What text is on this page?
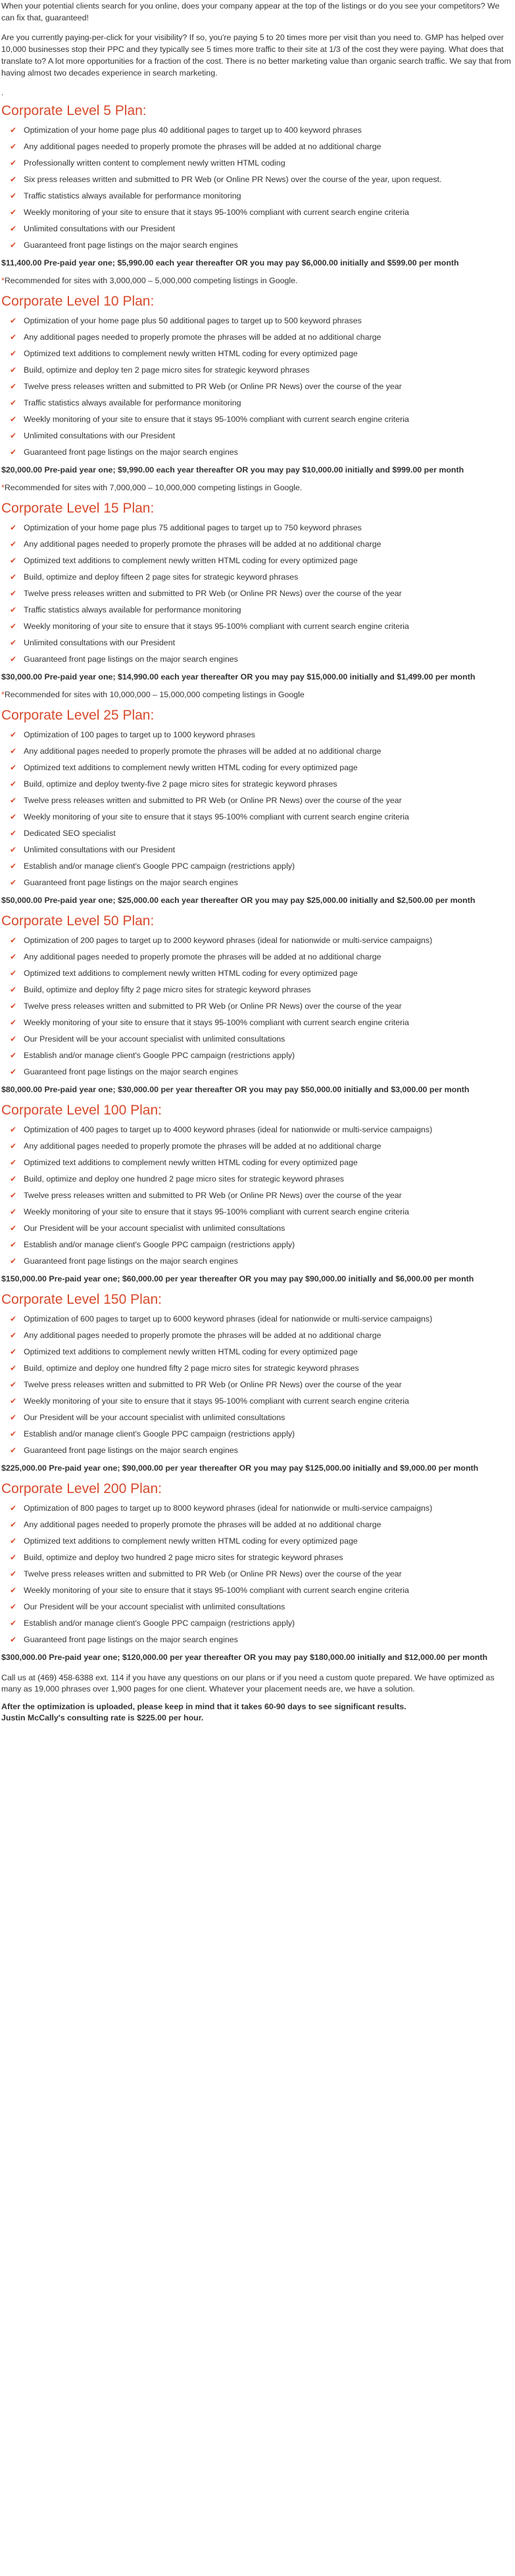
When your potential clients search for you online, does your company appear at the top of the listings or do you see your competitors? We can fix that, guaranteed!

Are you currently paying-per-click for your visibility? If so, you're paying 5 to 20 times more per visit than you need to. GMP has helped over 10,000 businesses stop their PPC and they typically see 5 times more traffic to their site at 1/3 of the cost they were paying. What does that translate to? A lot more opportunities for a fraction of the cost. There is no better marketing value than organic search traffic. We say that from having almost two decades experience in search marketing.

.
Corporate Level 5 Plan:
✔ Optimization of your home page plus 40 additional pages to target up to 400 keyword phrases
✔ Any additional pages needed to properly promote the phrases will be added at no additional charge
✔ Professionally written content to complement newly written HTML coding
✔ Six press releases written and submitted to PR Web (or Online PR News) over the course of the year, upon request.
✔ Traffic statistics always available for performance monitoring
✔ Weekly monitoring of your site to ensure that it stays 95-100% compliant with current search engine criteria
✔ Unlimited consultations with our President
✔ Guaranteed front page listings on the major search engines

$11,400.00 Pre-paid year one; $5,990.00 each year thereafter OR you may pay $6,000.00 initially and $599.00 per month

*Recommended for sites with 3,000,000 – 5,000,000 competing listings in Google.

Corporate Level 10 Plan:
✔ Optimization of your home page plus 50 additional pages to target up to 500 keyword phrases
✔ Any additional pages needed to properly promote the phrases will be added at no additional charge
✔ Optimized text additions to complement newly written HTML coding for every optimized page
✔ Build, optimize and deploy ten 2 page micro sites for strategic keyword phrases
✔ Twelve press releases written and submitted to PR Web (or Online PR News) over the course of the year
✔ Traffic statistics always available for performance monitoring
✔ Weekly monitoring of your site to ensure that it stays 95-100% compliant with current search engine criteria
✔ Unlimited consultations with our President
✔ Guaranteed front page listings on the major search engines

$20,000.00 Pre-paid year one; $9,990.00 each year thereafter OR you may pay $10,000.00 initially and $999.00 per month

*Recommended for sites with 7,000,000 – 10,000,000 competing listings in Google.

Corporate Level 15 Plan:
✔ Optimization of your home page plus 75 additional pages to target up to 750 keyword phrases
✔ Any additional pages needed to properly promote the phrases will be added at no additional charge
✔ Optimized text additions to complement newly written HTML coding for every optimized page
✔ Build, optimize and deploy fifteen 2 page sites for strategic keyword phrases
✔ Twelve press releases written and submitted to PR Web (or Online PR News) over the course of the year
✔ Traffic statistics always available for performance monitoring
✔ Weekly monitoring of your site to ensure that it stays 95-100% compliant with current search engine criteria
✔ Unlimited consultations with our President
✔ Guaranteed front page listings on the major search engines

$30,000.00 Pre-paid year one; $14,990.00 each year thereafter OR you may pay $15,000.00 initially and $1,499.00 per month

*Recommended for sites with 10,000,000 – 15,000,000 competing listings in Google

Corporate Level 25 Plan:
✔ Optimization of 100 pages to target up to 1000 keyword phrases
✔ Any additional pages needed to properly promote the phrases will be added at no additional charge
✔ Optimized text additions to complement newly written HTML coding for every optimized page
✔ Build, optimize and deploy twenty-five 2 page micro sites for strategic keyword phrases
✔ Twelve press releases written and submitted to PR Web (or Online PR News) over the course of the year
✔ Weekly monitoring of your site to ensure that it stays 95-100% compliant with current search engine criteria
✔ Dedicated SEO specialist
✔ Unlimited consultations with our President
✔ Establish and/or manage client's Google PPC campaign (restrictions apply)
✔ Guaranteed front page listings on the major search engines

$50,000.00 Pre-paid year one; $25,000.00 each year thereafter OR you may pay $25,000.00 initially and $2,500.00 per month

Corporate Level 50 Plan:
✔ Optimization of 200 pages to target up to 2000 keyword phrases (ideal for nationwide or multi-service campaigns)
✔ Any additional pages needed to properly promote the phrases will be added at no additional charge
✔ Optimized text additions to complement newly written HTML coding for every optimized page
✔ Build, optimize and deploy fifty 2 page micro sites for strategic keyword phrases
✔ Twelve press releases written and submitted to PR Web (or Online PR News) over the course of the year
✔ Weekly monitoring of your site to ensure that it stays 95-100% compliant with current search engine criteria
✔ Our President will be your account specialist with unlimited consultations
✔ Establish and/or manage client's Google PPC campaign (restrictions apply)
✔ Guaranteed front page listings on the major search engines

$80,000.00 Pre-paid year one; $30,000.00 per year thereafter OR you may pay $50,000.00 initially and $3,000.00 per month

Corporate Level 100 Plan:
✔ Optimization of 400 pages to target up to 4000 keyword phrases (ideal for nationwide or multi-service campaigns)
✔ Any additional pages needed to properly promote the phrases will be added at no additional charge
✔ Optimized text additions to complement newly written HTML coding for every optimized page
✔ Build, optimize and deploy one hundred 2 page micro sites for strategic keyword phrases
✔ Twelve press releases written and submitted to PR Web (or Online PR News) over the course of the year
✔ Weekly monitoring of your site to ensure that it stays 95-100% compliant with current search engine criteria
✔ Our President will be your account specialist with unlimited consultations
✔ Establish and/or manage client's Google PPC campaign (restrictions apply)
✔ Guaranteed front page listings on the major search engines

$150,000.00 Pre-paid year one; $60,000.00 per year thereafter OR you may pay $90,000.00 initially and $6,000.00 per month

Corporate Level 150 Plan:
✔ Optimization of 600 pages to target up to 6000 keyword phrases (ideal for nationwide or multi-service campaigns)
✔ Any additional pages needed to properly promote the phrases will be added at no additional charge
✔ Optimized text additions to complement newly written HTML coding for every optimized page
✔ Build, optimize and deploy one hundred fifty 2 page micro sites for strategic keyword phrases
✔ Twelve press releases written and submitted to PR Web (or Online PR News) over the course of the year
✔ Weekly monitoring of your site to ensure that it stays 95-100% compliant with current search engine criteria
✔ Our President will be your account specialist with unlimited consultations
✔ Establish and/or manage client's Google PPC campaign (restrictions apply)
✔ Guaranteed front page listings on the major search engines

$225,000.00 Pre-paid year one; $90,000.00 per year thereafter OR you may pay $125,000.00 initially and $9,000.00 per month

Corporate Level 200 Plan:
✔ Optimization of 800 pages to target up to 8000 keyword phrases (ideal for nationwide or multi-service campaigns)
✔ Any additional pages needed to properly promote the phrases will be added at no additional charge
✔ Optimized text additions to complement newly written HTML coding for every optimized page
✔ Build, optimize and deploy two hundred 2 page micro sites for strategic keyword phrases
✔ Twelve press releases written and submitted to PR Web (or Online PR News) over the course of the year
✔ Weekly monitoring of your site to ensure that it stays 95-100% compliant with current search engine criteria
✔ Our President will be your account specialist with unlimited consultations
✔ Establish and/or manage client's Google PPC campaign (restrictions apply)
✔ Guaranteed front page listings on the major search engines

$300,000.00 Pre-paid year one; $120,000.00 per year thereafter OR you may pay $180,000.00 initially and $12,000.00 per month

Call us at (469) 458-6388 ext. 114 if you have any questions on our plans or if you need a custom quote prepared. We have optimized as many as 19,000 phrases over 1,900 pages for one client. Whatever your placement needs are, we have a solution.

After the optimization is uploaded, please keep in mind that it takes 60-90 days to see significant results.
Justin McCally's consulting rate is $225.00 per hour.
